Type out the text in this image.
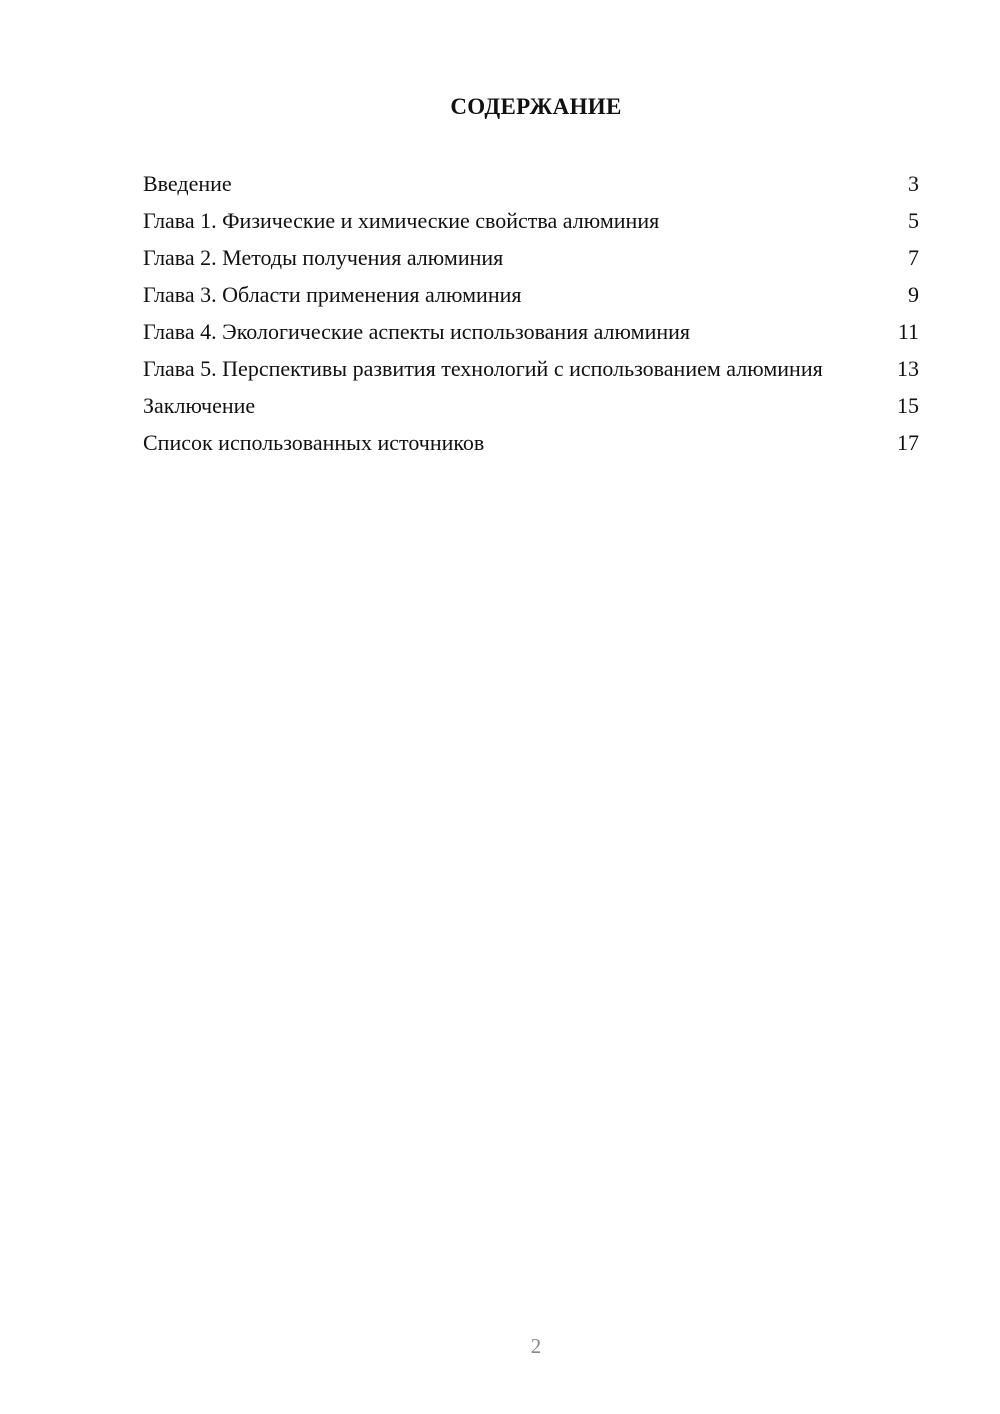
СОДЕРЖАНИЕ
Введение	3
Глава 1. Физические и химические свойства алюминия	5
Глава 2. Методы получения алюминия	7
Глава 3. Области применения алюминия	9
Глава 4. Экологические аспекты использования алюминия	11
Глава 5. Перспективы развития технологий с использованием алюминия	13
Заключение	15
Список использованных источников	17
2
